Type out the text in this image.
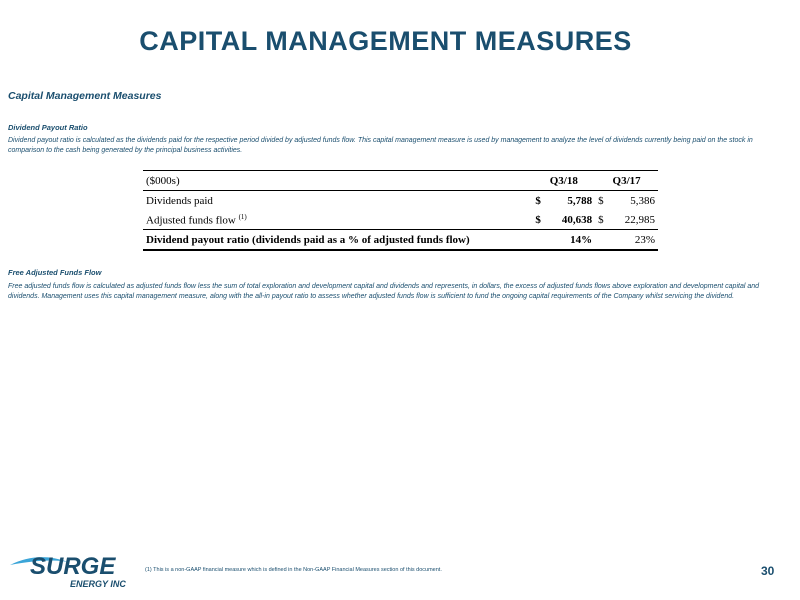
CAPITAL MANAGEMENT MEASURES
Capital Management Measures
Dividend Payout Ratio
Dividend payout ratio is calculated as the dividends paid for the respective period divided by adjusted funds flow. This capital management measure is used by management to analyze the level of dividends currently being paid on the stock in comparison to the cash being generated by the principal business activities.
($000s)	Q3/18		Q3/17	
Dividends paid	$	5,788	$	5,386
Adjusted funds flow $^{(1)}$	$	40,638	$	22,985
Dividend payout ratio (dividends paid as a % of adjusted funds flow)		14%		23%
Free Adjusted Funds Flow
Free adjusted funds flow is calculated as adjusted funds flow less the sum of total exploration and development capital and dividends and represents, in dollars, the excess of adjusted funds flows above exploration and development capital and dividends. Management uses this capital management measure, along with the all-in payout ratio to assess whether adjusted funds flow is sufficient to fund the ongoing capital requirements of the Company whilst servicing the dividend.
SURGE
ENERGY INC
(1) This is a non-GAAP financial measure which is defined in the Non-GAAP Financial Measures section of this document.	30
